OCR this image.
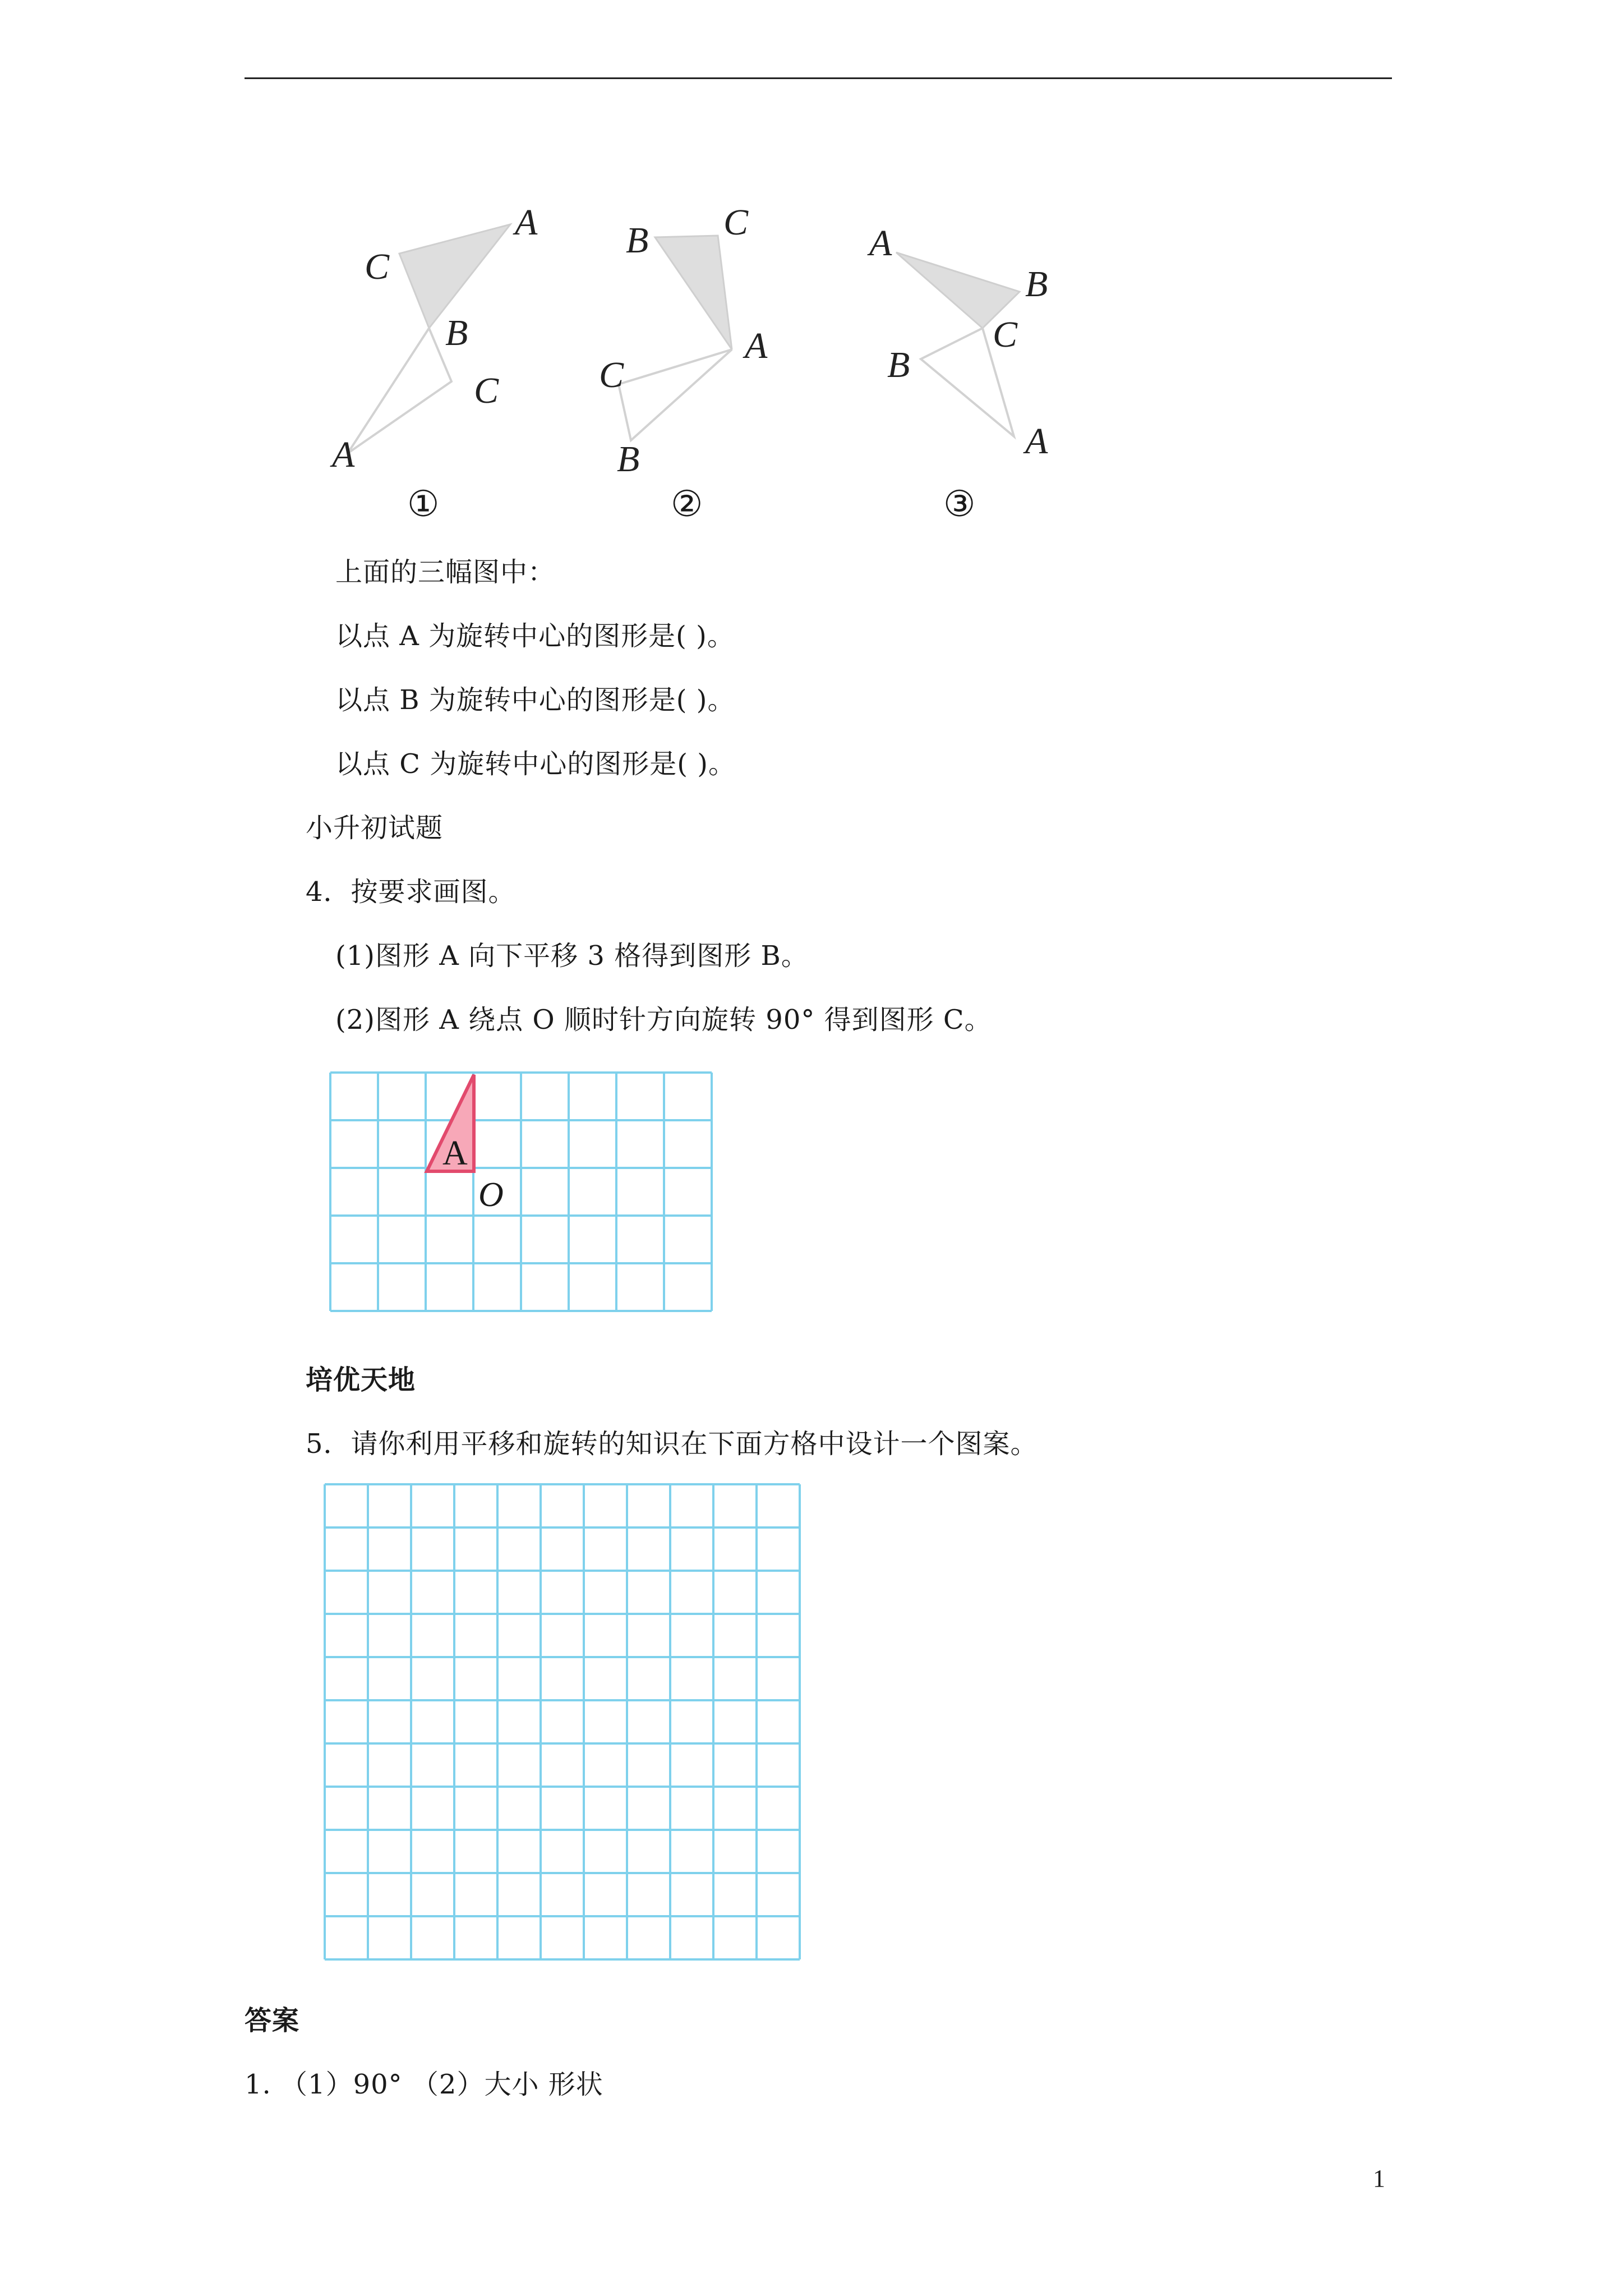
A
C
B
C
A
B C
A
C
B
A
B
C
B
A
①	②	③
上面的三幅图中：
以点 A 为旋转中心的图形是( )。
以点 B 为旋转中心的图形是( )。
以点 C 为旋转中心的图形是( )。
小升初试题
4．按要求画图。
(1)图形 A 向下平移 3 格得到图形 B。
(2)图形 A 绕点 O 顺时针方向旋转 90° 得到图形 C。
A
O
培优天地
5．请你利用平移和旋转的知识在下面方格中设计一个图案。
答案
1. （1）90° （2）大小 形状
1
